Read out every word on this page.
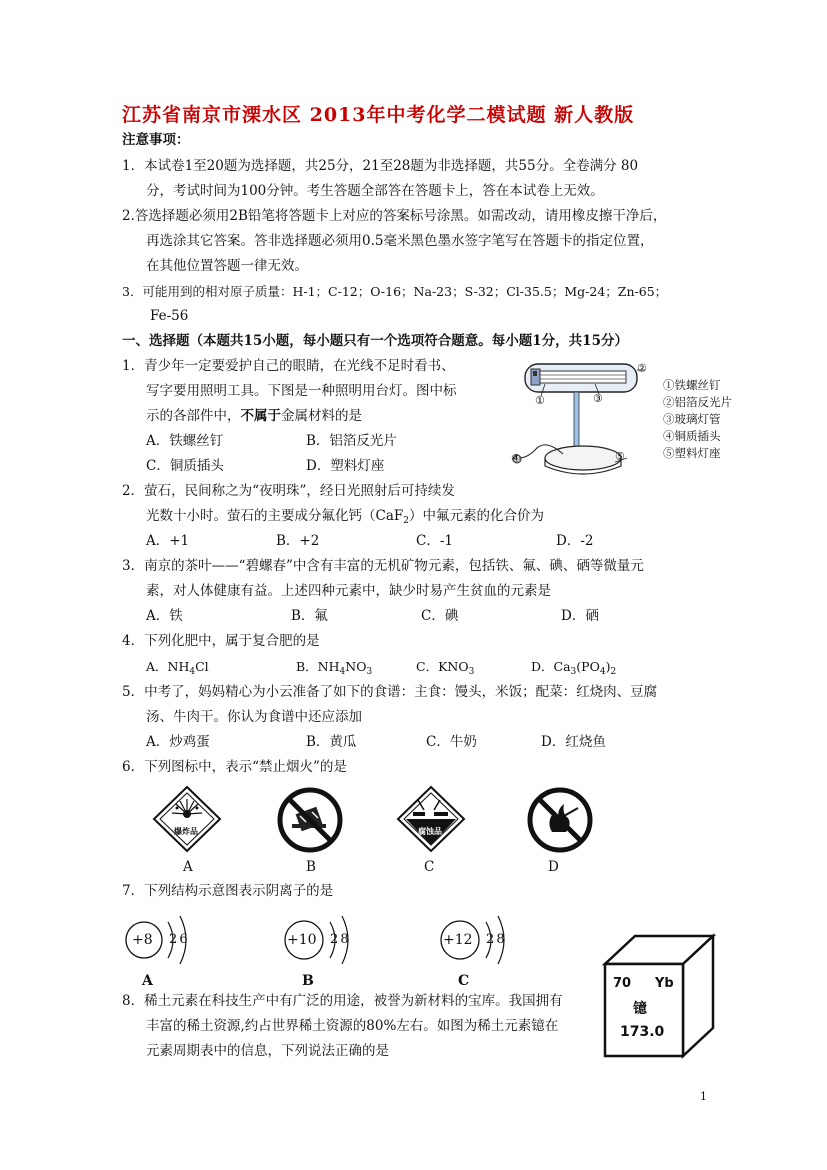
江苏省南京市溧水区 2013年中考化学二模试题 新人教版
注意事项：
1．本试卷1至20题为选择题，共25分，21至28题为非选择题，共55分。全卷满分 80
分，考试时间为100分钟。考生答题全部答在答题卡上，答在本试卷上无效。
2.答选择题必须用2B铅笔将答题卡上对应的答案标号涂黑。如需改动，请用橡皮擦干净后，
再选涂其它答案。答非选择题必须用0.5毫米黑色墨水签字笔写在答题卡的指定位置，
在其他位置答题一律无效。
3．可能用到的相对原子质量：H-1；C-12；O-16；Na-23；S-32；Cl-35.5；Mg-24；Zn-65；
Fe-56
一、选择题（本题共15小题，每小题只有一个选项符合题意。每小题1分，共15分）
1．青少年一定要爱护自己的眼睛，在光线不足时看书、
写字要用照明工具。下图是一种照明用台灯。图中标
示的各部件中，不属于金属材料的是
A．铁螺丝钉	B．铝箔反光片
C．铜质插头	D．塑料灯座
②
①	③
④	⑤
①铁螺丝钉
②铝箔反光片
③玻璃灯管
④铜质插头
⑤塑料灯座
2．萤石，民间称之为“夜明珠”，经日光照射后可持续发
光数十小时。萤石的主要成分氟化钙（CaF$_2$）中氟元素的化合价为
A．+1	B．+2	C．-1	D．-2
3．南京的茶叶——“碧螺春”中含有丰富的无机矿物元素，包括铁、氟、碘、硒等微量元
素，对人体健康有益。上述四种元素中，缺少时易产生贫血的元素是
A．铁	B．氟	C．碘	D．硒
4．下列化肥中，属于复合肥的是
A．$NH_4Cl$	B．$NH_4NO_3$	C．$KNO_3$	D．$Ca_3(PO_4)_2$
5．中考了，妈妈精心为小云准备了如下的食谱：主食：馒头，米饭；配菜：红烧肉、豆腐
汤、牛肉干。你认为食谱中还应添加
A．炒鸡蛋	B．黄瓜	C．牛奶	D．红烧鱼
6．下列图标中，表示“禁止烟火”的是
爆炸品	腐蚀品
A	B	C	D
7．下列结构示意图表示阴离子的是
+8 2 6	+10 2 8	+12 2 8
A	B	C
8．稀土元素在科技生产中有广泛的用途，被誉为新材料的宝库。我国拥有
丰富的稀土资源,约占世界稀土资源的80%左右。如图为稀土元素镱在
元素周期表中的信息，下列说法正确的是
70 Yb
镱
173.0
1
